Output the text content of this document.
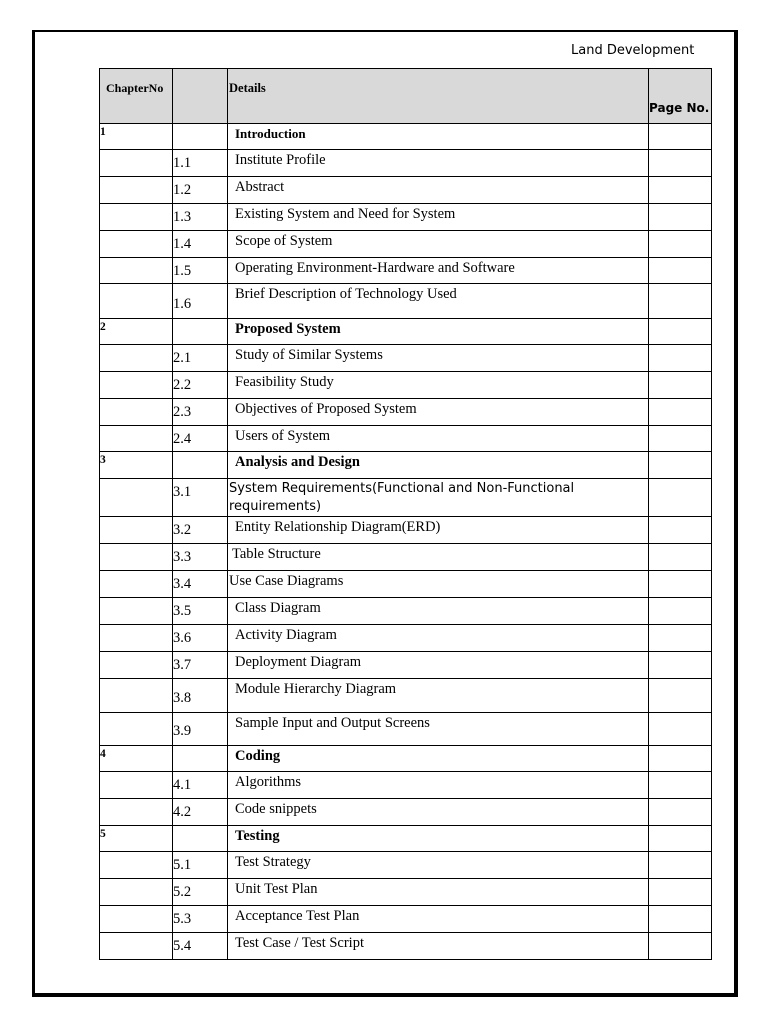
Land Development
ChapterNo		Details	Page No.
1		Introduction	
	1.1	Institute Profile	
	1.2	Abstract	
	1.3	Existing System and Need for System	
	1.4	Scope of System	
	1.5	Operating Environment-Hardware and Software	
	1.6	Brief Description of Technology Used	
2		Proposed System	
	2.1	Study of Similar Systems	
	2.2	Feasibility Study	
	2.3	Objectives of Proposed System	
	2.4	Users of System	
3		Analysis and Design	
	3.1	System Requirements(Functional and Non-Functional requirements)	
	3.2	Entity Relationship Diagram(ERD)	
	3.3	Table Structure	
	3.4	Use Case Diagrams	
	3.5	Class Diagram	
	3.6	Activity Diagram	
	3.7	Deployment Diagram	
	3.8	Module Hierarchy Diagram	
	3.9	Sample Input and Output Screens	
4		Coding	
	4.1	Algorithms	
	4.2	Code snippets	
5		Testing	
	5.1	Test Strategy	
	5.2	Unit Test Plan	
	5.3	Acceptance Test Plan	
	5.4	Test Case / Test Script	
